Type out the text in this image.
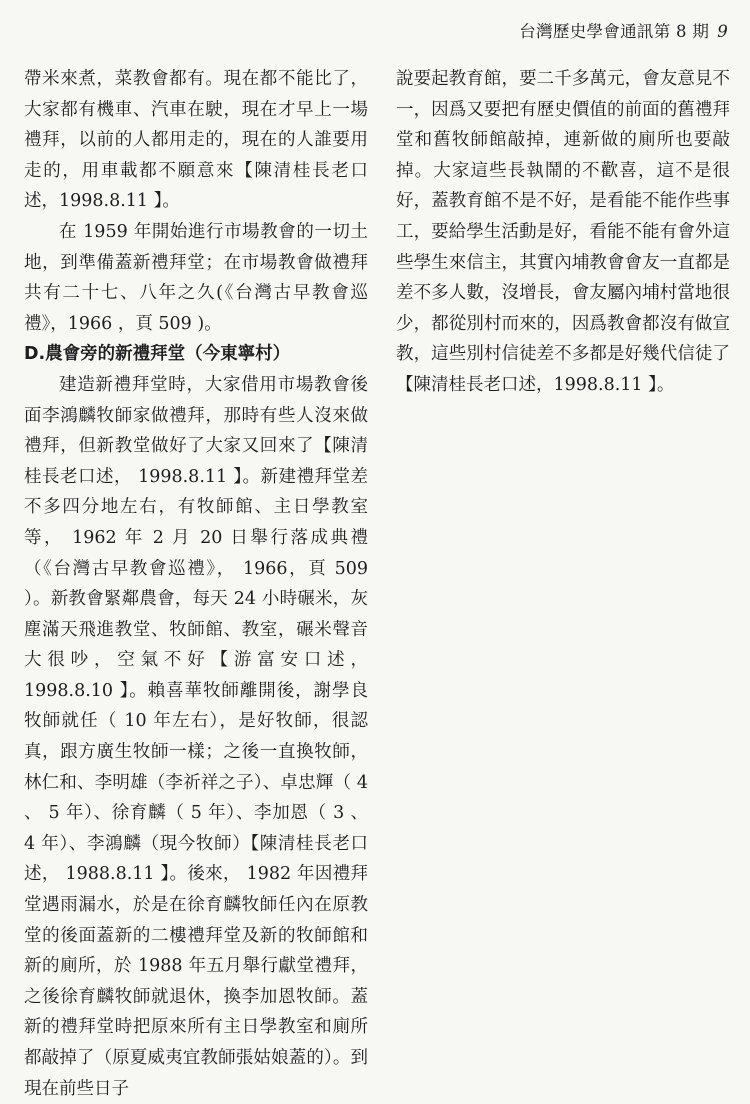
台灣歷史學會通訊第 8 期 9

帶米來煮，菜教會都有。現在都不能比了，大家都有機車、汽車在駛，現在才早上一場禮拜，以前的人都用走的，現在的人誰要用走的，用車載都不願意來【陳清桂長老口述，1998.8.11 】。

在 1959 年開始進行市場教會的一切土地，到準備蓋新禮拜堂；在市場教會做禮拜共有二十七、八年之久(《台灣古早教會巡禮》，1966 ，頁 509 )。

D.農會旁的新禮拜堂（今東寧村）

建造新禮拜堂時，大家借用市場教會後面李鴻麟牧師家做禮拜，那時有些人沒來做禮拜，但新教堂做好了大家又回來了【陳清桂長老口述， 1998.8.11 】。新建禮拜堂差不多四分地左右，有牧師館、主日學教室等， 1962 年 2 月 20 日舉行落成典禮（《台灣古早教會巡禮》， 1966，頁 509 ）。新教會緊鄰農會，每天 24 小時碾米，灰塵滿天飛進教堂、牧師館、教室，碾米聲音大很吵，空氣不好【游富安口述， 1998.8.10 】。賴喜華牧師離開後，謝學良牧師就任（ 10 年左右），是好牧師，很認真，跟方廣生牧師一樣；之後一直換牧師，林仁和、李明雄（李祈祥之子）、卓忠輝（ 4 、 5 年）、徐育麟（ 5 年）、李加恩（ 3 、 4 年）、李鴻麟（現今牧師）【陳清桂長老口述， 1988.8.11 】。後來， 1982 年因禮拜堂遇雨漏水，於是在徐育麟牧師任內在原教堂的後面蓋新的二樓禮拜堂及新的牧師館和新的廁所，於 1988 年五月舉行獻堂禮拜，之後徐育麟牧師就退休，換李加恩牧師。蓋新的禮拜堂時把原來所有主日學教室和廁所都敲掉了（原夏威夷宜教師張姑娘蓋的）。到現在前些日子

說要起教育館，要二千多萬元，會友意見不一，因爲又要把有歷史價值的前面的舊禮拜堂和舊牧師館敲掉，連新做的廁所也要敲掉。大家這些長執鬧的不歡喜，這不是很好，蓋教育館不是不好，是看能不能作些事工，要給學生活動是好，看能不能有會外這些學生來信主，其實內埔教會會友一直都是差不多人數，沒增長，會友屬內埔村當地很少，都從別村而來的，因爲教會都沒有做宣教，這些別村信徒差不多都是好幾代信徒了【陳清桂長老口述，1998.8.11 】。
